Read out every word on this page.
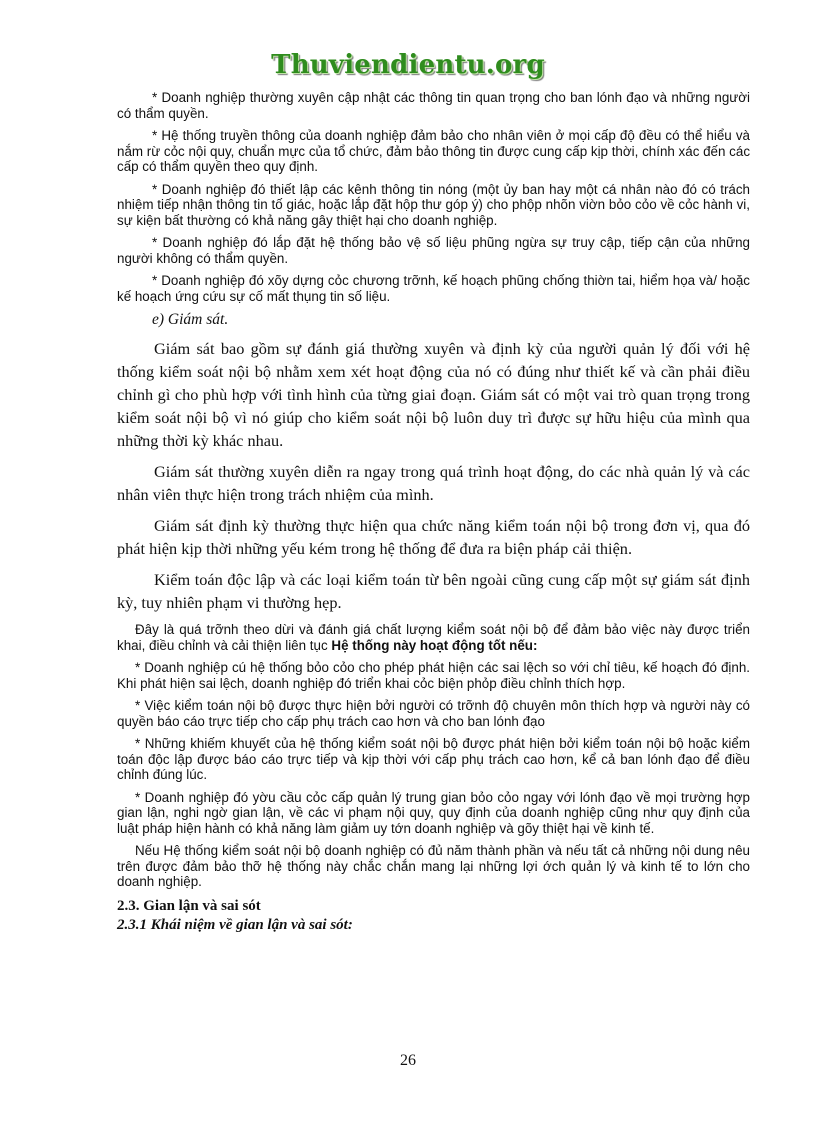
Thuviendientu.org

* Doanh nghiệp thường xuyên cập nhật các thông tin quan trọng cho ban lónh đạo và những người có thẩm quyền.

* Hệ thống truyền thông của doanh nghiệp đảm bảo cho nhân viên ở mọi cấp độ đều có thể hiểu và nắm rừ cỏc nội quy, chuẩn mực của tổ chức, đảm bảo thông tin được cung cấp kịp thời, chính xác đến các cấp có thẩm quyền theo quy định.

* Doanh nghiệp đó thiết lập các kênh thông tin nóng (một ủy ban hay một cá nhân nào đó có trách nhiệm tiếp nhận thông tin tố giác, hoặc lắp đặt hộp thư góp ý) cho phộp nhõn viờn bỏo cỏo về cỏc hành vi, sự kiện bất thường có khả năng gây thiệt hại cho doanh nghiệp.

* Doanh nghiệp đó lắp đặt hệ thống bảo vệ số liệu phũng ngừa sự truy cập, tiếp cận của những người không có thẩm quyền.

* Doanh nghiệp đó xõy dựng cỏc chương trỡnh, kế hoạch phũng chống thiờn tai, hiểm họa và/ hoặc kế hoạch ứng cứu sự cố mất thụng tin số liệu.

e) Giám sát.

Giám sát bao gồm sự đánh giá thường xuyên và định kỳ của người quản lý đối với hệ thống kiểm soát nội bộ nhằm xem xét hoạt động của nó có đúng như thiết kế và cần phải điều chỉnh gì cho phù hợp với tình hình của từng giai đoạn. Giám sát có một vai trò quan trọng trong kiểm soát nội bộ vì nó giúp cho kiểm soát nội bộ luôn duy trì được sự hữu hiệu của mình qua những thời kỳ khác nhau.

Giám sát thường xuyên diễn ra ngay trong quá trình hoạt động, do các nhà quản lý và các nhân viên thực hiện trong trách nhiệm của mình.

Giám sát định kỳ thường thực hiện qua chức năng kiểm toán nội bộ trong đơn vị, qua đó phát hiện kịp thời những yếu kém trong hệ thống để đưa ra biện pháp cải thiện.

Kiểm toán độc lập và các loại kiểm toán từ bên ngoài cũng cung cấp một sự giám sát định kỳ, tuy nhiên phạm vi thường hẹp.

Đây là quá trỡnh theo dừi và đánh giá chất lượng kiểm soát nội bộ để đảm bảo việc này được triển khai, điều chỉnh và cải thiện liên tục Hệ thống này hoạt động tốt nếu:

* Doanh nghiệp cú hệ thống bỏo cỏo cho phép phát hiện các sai lệch so với chỉ tiêu, kế hoạch đó định. Khi phát hiện sai lệch, doanh nghiệp đó triển khai cỏc biện phỏp điều chỉnh thích hợp.

* Việc kiểm toán nội bộ được thực hiện bởi người có trỡnh độ chuyên môn thích hợp và người này có quyền báo cáo trực tiếp cho cấp phụ trách cao hơn và cho ban lónh đạo

* Những khiếm khuyết của hệ thống kiểm soát nội bộ được phát hiện bởi kiểm toán nội bộ hoặc kiểm toán độc lập được báo cáo trực tiếp và kịp thời với cấp phụ trách cao hơn, kể cả ban lónh đạo để điều chỉnh đúng lúc.

* Doanh nghiệp đó yờu cầu cỏc cấp quản lý trung gian bỏo cỏo ngay với lónh đạo về mọi trường hợp gian lận, nghi ngờ gian lận, về các vi phạm nội quy, quy định của doanh nghiệp cũng như quy định của luật pháp hiện hành có khả năng làm giảm uy tớn doanh nghiệp và gõy thiệt hại về kinh tế.

Nếu Hệ thống kiểm soát nội bộ doanh nghiệp có đủ năm thành phần và nếu tất cả những nội dung nêu trên được đảm bảo thỡ hệ thống này chắc chắn mang lại những lợi ớch quản lý và kinh tế to lớn cho doanh nghiệp.

2.3. Gian lận và sai sót
2.3.1 Khái niệm về gian lận và sai sót:
26
